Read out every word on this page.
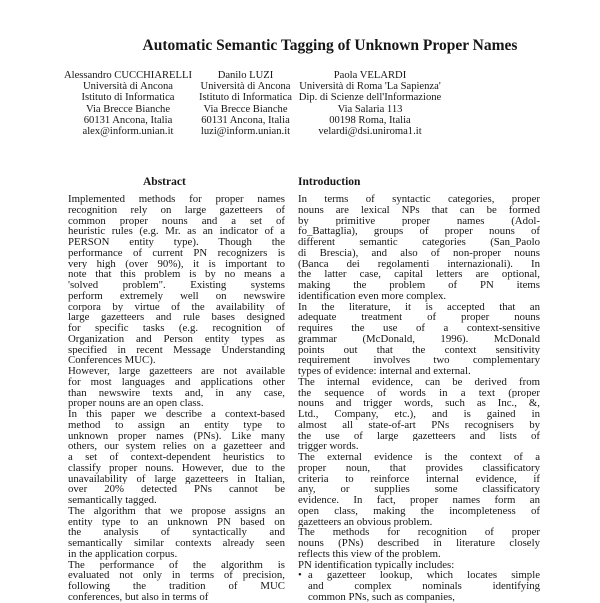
Automatic Semantic Tagging of Unknown Proper Names
Alessandro CUCCHIARELLI
Università di Ancona
Istituto di Informatica
Via Brecce Bianche
60131 Ancona, Italia
alex@inform.unian.it
Danilo LUZI
Università di Ancona
Istituto di Informatica
Via Brecce Bianche
60131 Ancona, Italia
luzi@inform.unian.it
Paola VELARDI
Università di Roma 'La Sapienza'
Dip. di Scienze dell'Informazione
Via Salaria 113
00198 Roma, Italia
velardi@dsi.uniroma1.it
Abstract	Introduction
Implemented methods for proper names
recognition rely on large gazetteers of
common proper nouns and a set of
heuristic rules (e.g. Mr. as an indicator of a
PERSON entity type). Though the
performance of current PN recognizers is
very high (over 90%), it is important to
note that this problem is by no means a
'solved problem". Existing systems
perform extremely well on newswire
corpora by virtue of the availability of
large gazetteers and rule bases designed
for specific tasks (e.g. recognition of
Organization and Person entity types as
specified in recent Message Understanding
Conferences MUC).
However, large gazetteers are not available
for most languages and applications other
than newswire texts and, in any case,
proper nouns are an open class.
In this paper we describe a context-based
method to assign an entity type to
unknown proper names (PNs). Like many
others, our system relies on a gazetteer and
a set of context-dependent heuristics to
classify proper nouns. However, due to the
unavailability of large gazetteers in Italian,
over 20% detected PNs cannot be
semantically tagged.
The algorithm that we propose assigns an
entity type to an unknown PN based on
the analysis of syntactically and
semantically similar contexts already seen
in the application corpus.
The performance of the algorithm is
evaluated not only in terms of precision,
following the tradition of MUC
conferences, but also in terms of
In terms of syntactic categories, proper
nouns are lexical NPs that can be formed
by primitive proper names (Adol-
fo_Battaglia), groups of proper nouns of
different semantic categories (San_Paolo
di Brescia), and also of non-proper nouns
(Banca dei regolamenti internazionali). In
the latter case, capital letters are optional,
making the problem of PN items
identification even more complex.
In the literature, it is accepted that an
adequate treatment of proper nouns
requires the use of a context-sensitive
grammar (McDonald, 1996). McDonald
points out that the context sensitivity
requirement involves two complementary
types of evidence: internal and external.
The internal evidence, can be derived from
the sequence of words in a text (proper
nouns and trigger words, such as Inc., &,
Ltd., Company, etc.), and is gained in
almost all state-of-art PNs recognisers by
the use of large gazetteers and lists of
trigger words.
The external evidence is the context of a
proper noun, that provides classificatory
criteria to reinforce internal evidence, if
any, or supplies some classificatory
evidence. In fact, proper names form an
open class, making the incompleteness of
gazetteers an obvious problem.
The methods for recognition of proper
nouns (PNs) described in literature closely
reflects this view of the problem.
PN identification typically includes:
• a gazetteer lookup, which locates simple
and complex nominals identifying
common PNs, such as companies,
